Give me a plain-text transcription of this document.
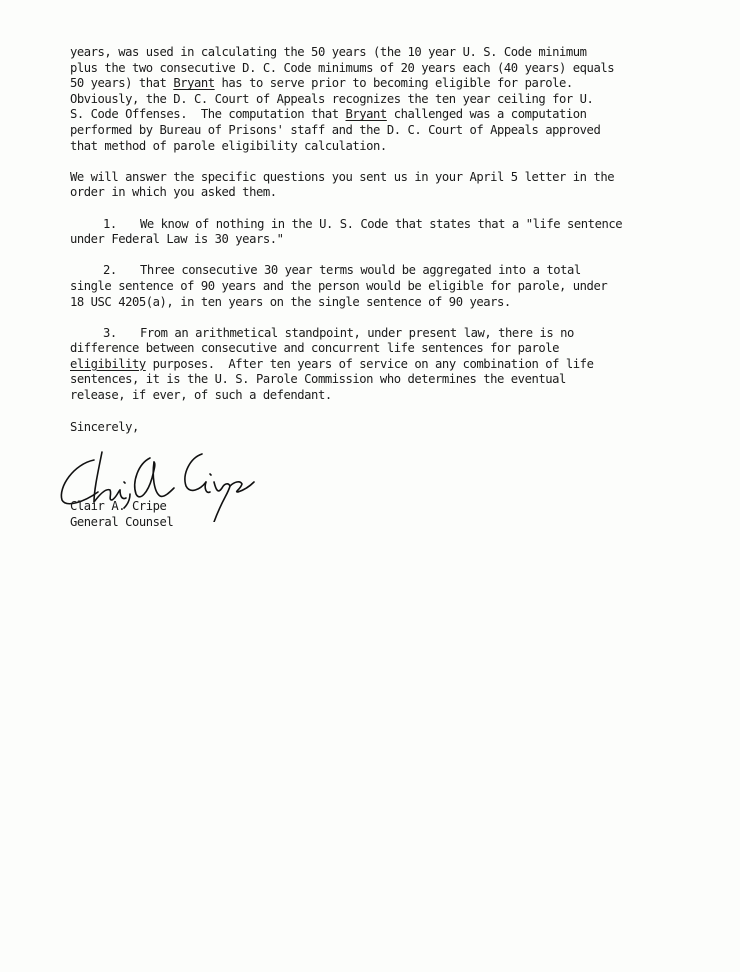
years, was used in calculating the 50 years (the 10 year U. S. Code minimum
plus the two consecutive D. C. Code minimums of 20 years each (40 years) equals
50 years) that Bryant has to serve prior to becoming eligible for parole.
Obviously, the D. C. Court of Appeals recognizes the ten year ceiling for U.
S. Code Offenses.  The computation that Bryant challenged was a computation
performed by Bureau of Prisons' staff and the D. C. Court of Appeals approved
that method of parole eligibility calculation.
We will answer the specific questions you sent us in your April 5 letter in the
order in which you asked them.
1. We know of nothing in the U. S. Code that states that a "life sentence
under Federal Law is 30 years."
2. Three consecutive 30 year terms would be aggregated into a total
single sentence of 90 years and the person would be eligible for parole, under
18 USC 4205(a), in ten years on the single sentence of 90 years.
3. From an arithmetical standpoint, under present law, there is no
difference between consecutive and concurrent life sentences for parole
eligibility purposes.  After ten years of service on any combination of life
sentences, it is the U. S. Parole Commission who determines the eventual
release, if ever, of such a defendant.
Sincerely,
Clair A. Cripe
General Counsel
